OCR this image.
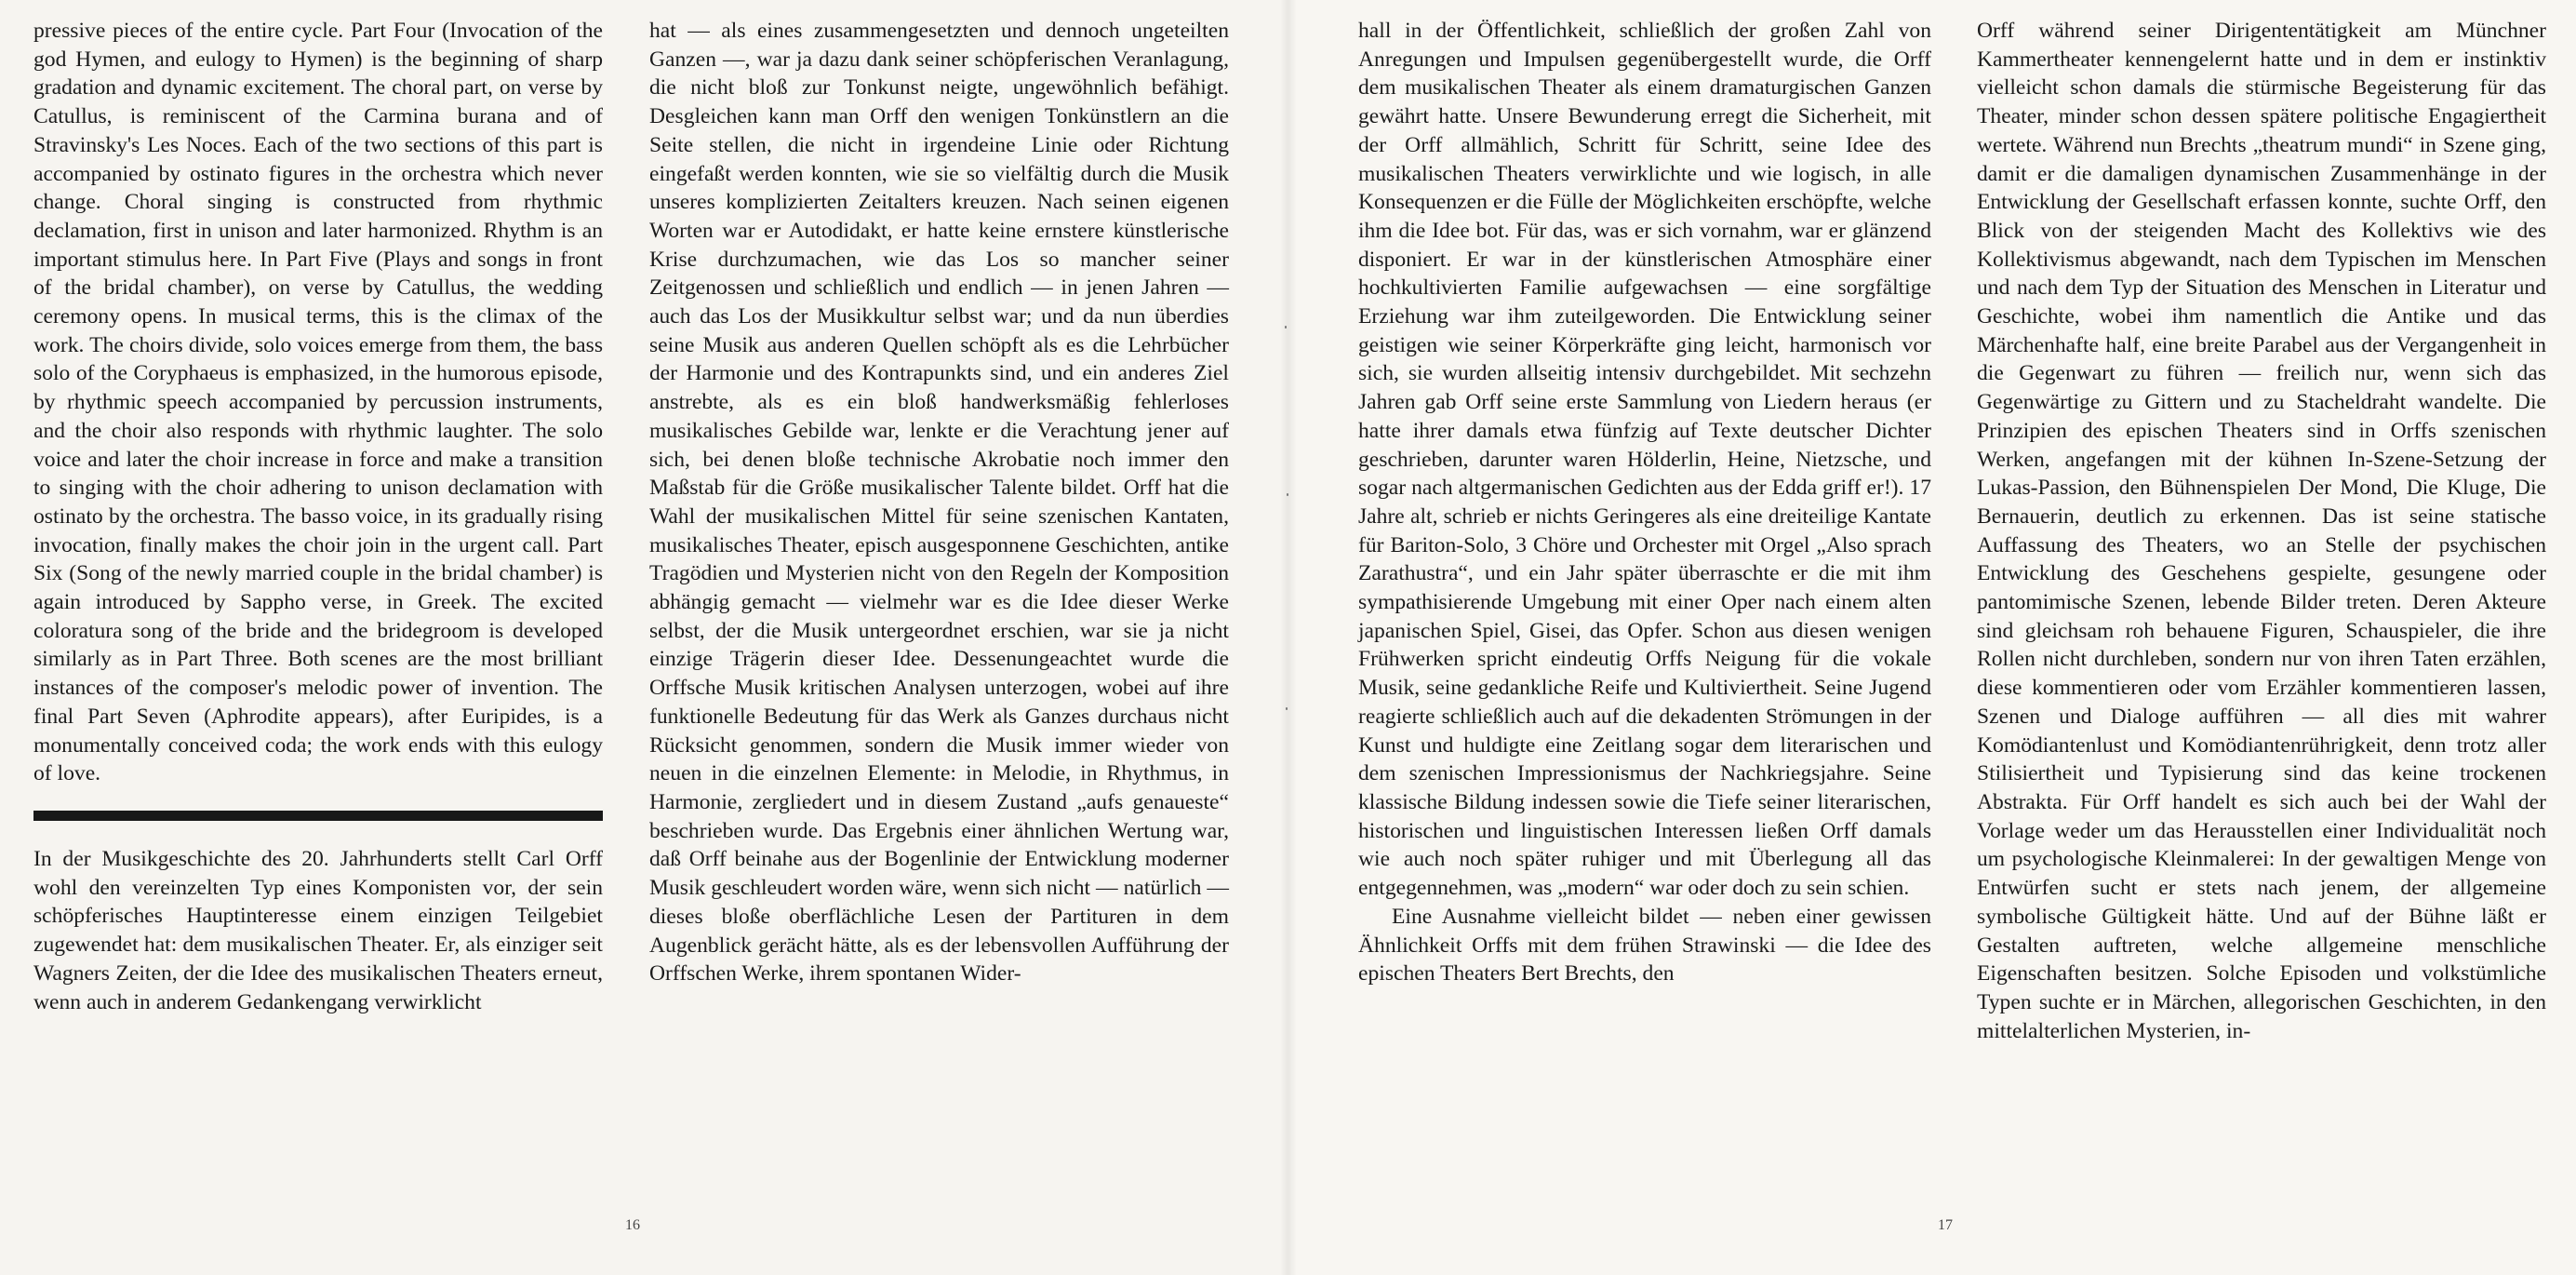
pressive pieces of the entire cycle. Part Four (Invocation of the god Hymen, and eulogy to Hymen) is the beginning of sharp gradation and dynamic excitement. The choral part, on verse by Catullus, is reminiscent of the Carmina burana and of Stravinsky's Les Noces. Each of the two sections of this part is accompanied by ostinato figures in the orchestra which never change. Choral singing is constructed from rhythmic declamation, first in unison and later harmonized. Rhythm is an important stimulus here. In Part Five (Plays and songs in front of the bridal chamber), on verse by Catullus, the wedding ceremony opens. In musical terms, this is the climax of the work. The choirs divide, solo voices emerge from them, the bass solo of the Coryphaeus is emphasized, in the humorous episode, by rhythmic speech accompanied by percussion instruments, and the choir also responds with rhythmic laughter. The solo voice and later the choir increase in force and make a transition to singing with the choir adhering to unison declamation with ostinato by the orchestra. The basso voice, in its gradually rising invocation, finally makes the choir join in the urgent call. Part Six (Song of the newly married couple in the bridal chamber) is again introduced by Sappho verse, in Greek. The excited coloratura song of the bride and the bridegroom is developed similarly as in Part Three. Both scenes are the most brilliant instances of the composer's melodic power of invention. The final Part Seven (Aphrodite appears), after Euripides, is a monumentally conceived coda; the work ends with this eulogy of love.

In der Musikgeschichte des 20. Jahrhunderts stellt Carl Orff wohl den vereinzelten Typ eines Komponisten vor, der sein schöpferisches Hauptinteresse einem einzigen Teilgebiet zugewendet hat: dem musikalischen Theater. Er, als einziger seit Wagners Zeiten, der die Idee des musikalischen Theaters erneut, wenn auch in anderem Gedankengang verwirklicht

hat — als eines zusammengesetzten und dennoch ungeteilten Ganzen —, war ja dazu dank seiner schöpferischen Veranlagung, die nicht bloß zur Tonkunst neigte, ungewöhnlich befähigt. Desgleichen kann man Orff den wenigen Tonkünstlern an die Seite stellen, die nicht in irgendeine Linie oder Richtung eingefaßt werden konnten, wie sie so vielfältig durch die Musik unseres komplizierten Zeitalters kreuzen. Nach seinen eigenen Worten war er Autodidakt, er hatte keine ernstere künstlerische Krise durchzumachen, wie das Los so mancher seiner Zeitgenossen und schließlich und endlich — in jenen Jahren — auch das Los der Musikkultur selbst war; und da nun überdies seine Musik aus anderen Quellen schöpft als es die Lehrbücher der Harmonie und des Kontrapunkts sind, und ein anderes Ziel anstrebte, als es ein bloß handwerksmäßig fehlerloses musikalisches Gebilde war, lenkte er die Verachtung jener auf sich, bei denen bloße technische Akrobatie noch immer den Maßstab für die Größe musikalischer Talente bildet. Orff hat die Wahl der musikalischen Mittel für seine szenischen Kantaten, musikalisches Theater, episch ausgesponnene Geschichten, antike Tragödien und Mysterien nicht von den Regeln der Komposition abhängig gemacht — vielmehr war es die Idee dieser Werke selbst, der die Musik untergeordnet erschien, war sie ja nicht einzige Trägerin dieser Idee. Dessenungeachtet wurde die Orffsche Musik kritischen Analysen unterzogen, wobei auf ihre funktionelle Bedeutung für das Werk als Ganzes durchaus nicht Rücksicht genommen, sondern die Musik immer wieder von neuen in die einzelnen Elemente: in Melodie, in Rhythmus, in Harmonie, zergliedert und in diesem Zustand „aufs genaueste“ beschrieben wurde. Das Ergebnis einer ähnlichen Wertung war, daß Orff beinahe aus der Bogenlinie der Entwicklung moderner Musik geschleudert worden wäre, wenn sich nicht — natürlich — dieses bloße oberflächliche Lesen der Partituren in dem Augenblick gerächt hätte, als es der lebensvollen Aufführung der Orffschen Werke, ihrem spontanen Wider-

16

hall in der Öffentlichkeit, schließlich der großen Zahl von Anregungen und Impulsen gegenübergestellt wurde, die Orff dem musikalischen Theater als einem dramaturgischen Ganzen gewährt hatte. Unsere Bewunderung erregt die Sicherheit, mit der Orff allmählich, Schritt für Schritt, seine Idee des musikalischen Theaters verwirklichte und wie logisch, in alle Konsequenzen er die Fülle der Möglichkeiten erschöpfte, welche ihm die Idee bot. Für das, was er sich vornahm, war er glänzend disponiert. Er war in der künstlerischen Atmosphäre einer hochkultivierten Familie aufgewachsen — eine sorgfältige Erziehung war ihm zuteilgeworden. Die Entwicklung seiner geistigen wie seiner Körperkräfte ging leicht, harmonisch vor sich, sie wurden allseitig intensiv durchgebildet. Mit sechzehn Jahren gab Orff seine erste Sammlung von Liedern heraus (er hatte ihrer damals etwa fünfzig auf Texte deutscher Dichter geschrieben, darunter waren Hölderlin, Heine, Nietzsche, und sogar nach altgermanischen Gedichten aus der Edda griff er!). 17 Jahre alt, schrieb er nichts Geringeres als eine dreiteilige Kantate für Bariton-Solo, 3 Chöre und Orchester mit Orgel „Also sprach Zarathustra“, und ein Jahr später überraschte er die mit ihm sympathisierende Umgebung mit einer Oper nach einem alten japanischen Spiel, Gisei, das Opfer. Schon aus diesen wenigen Frühwerken spricht eindeutig Orffs Neigung für die vokale Musik, seine gedankliche Reife und Kultiviertheit. Seine Jugend reagierte schließlich auch auf die dekadenten Strömungen in der Kunst und huldigte eine Zeitlang sogar dem literarischen und dem szenischen Impressionismus der Nachkriegsjahre. Seine klassische Bildung indessen sowie die Tiefe seiner literarischen, historischen und linguistischen Interessen ließen Orff damals wie auch noch später ruhiger und mit Überlegung all das entgegennehmen, was „modern“ war oder doch zu sein schien.

Eine Ausnahme vielleicht bildet — neben einer gewissen Ähnlichkeit Orffs mit dem frühen Strawinski — die Idee des epischen Theaters Bert Brechts, den

Orff während seiner Dirigententätigkeit am Münchner Kammertheater kennengelernt hatte und in dem er instinktiv vielleicht schon damals die stürmische Begeisterung für das Theater, minder schon dessen spätere politische Engagiertheit wertete. Während nun Brechts „theatrum mundi“ in Szene ging, damit er die damaligen dynamischen Zusammenhänge in der Entwicklung der Gesellschaft erfassen konnte, suchte Orff, den Blick von der steigenden Macht des Kollektivs wie des Kollektivismus abgewandt, nach dem Typischen im Menschen und nach dem Typ der Situation des Menschen in Literatur und Geschichte, wobei ihm namentlich die Antike und das Märchenhafte half, eine breite Parabel aus der Vergangenheit in die Gegenwart zu führen — freilich nur, wenn sich das Gegenwärtige zu Gittern und zu Stacheldraht wandelte. Die Prinzipien des epischen Theaters sind in Orffs szenischen Werken, angefangen mit der kühnen In-Szene-Setzung der Lukas-Passion, den Bühnenspielen Der Mond, Die Kluge, Die Bernauerin, deutlich zu erkennen. Das ist seine statische Auffassung des Theaters, wo an Stelle der psychischen Entwicklung des Geschehens gespielte, gesungene oder pantomimische Szenen, lebende Bilder treten. Deren Akteure sind gleichsam roh behauene Figuren, Schauspieler, die ihre Rollen nicht durchleben, sondern nur von ihren Taten erzählen, diese kommentieren oder vom Erzähler kommentieren lassen, Szenen und Dialoge aufführen — all dies mit wahrer Komödiantenlust und Komödiantenrührigkeit, denn trotz aller Stilisiertheit und Typisierung sind das keine trockenen Abstrakta. Für Orff handelt es sich auch bei der Wahl der Vorlage weder um das Herausstellen einer Individualität noch um psychologische Kleinmalerei: In der gewaltigen Menge von Entwürfen sucht er stets nach jenem, der allgemeine symbolische Gültigkeit hätte. Und auf der Bühne läßt er Gestalten auftreten, welche allgemeine menschliche Eigenschaften besitzen. Solche Episoden und volkstümliche Typen suchte er in Märchen, allegorischen Geschichten, in den mittelalterlichen Mysterien, in-

17
